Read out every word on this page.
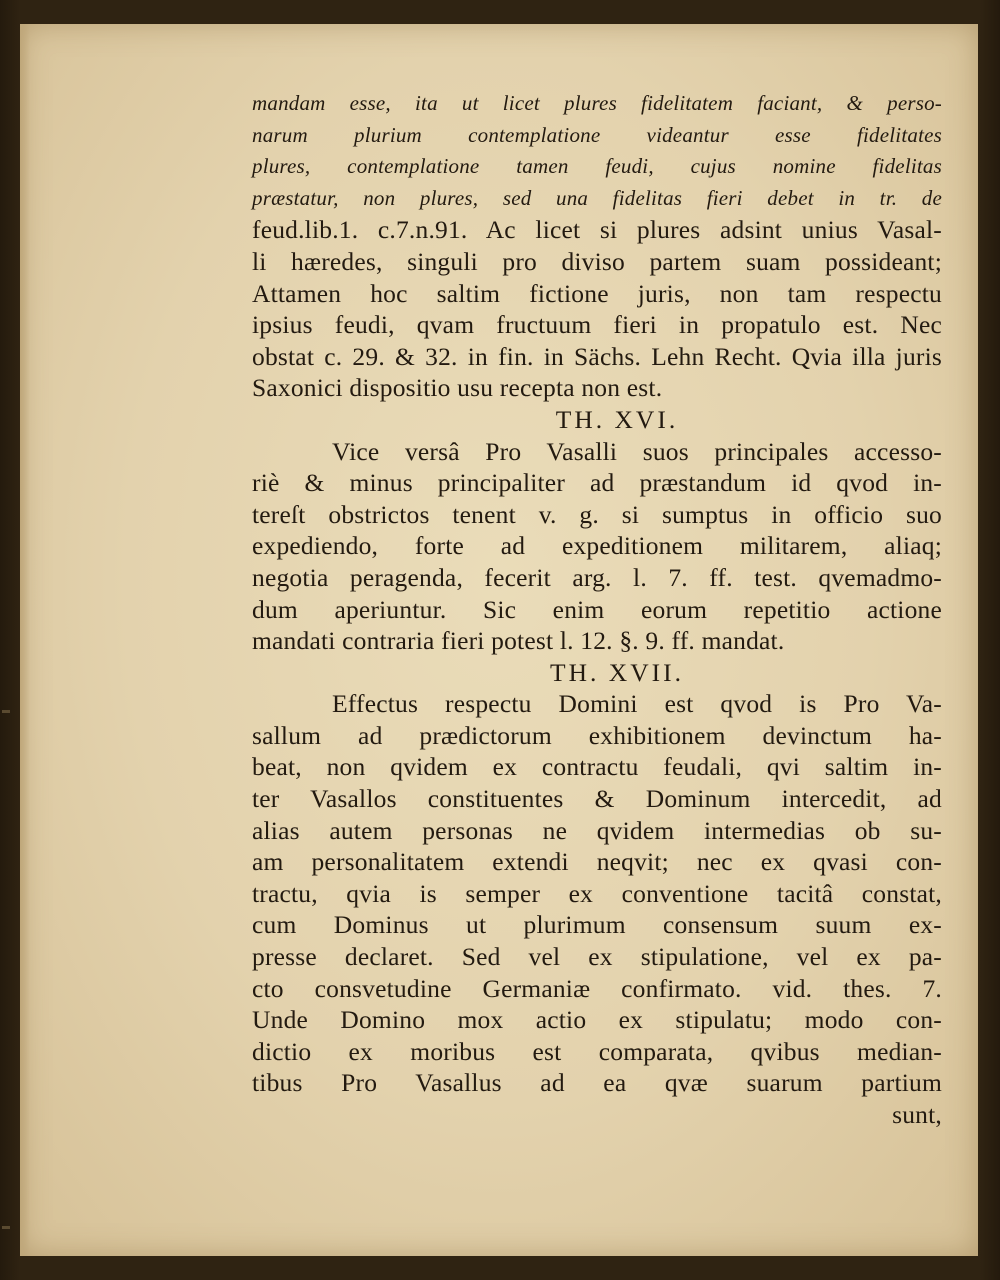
mandam esse, ita ut licet plures fidelitatem faciant, & perso-
narum plurium contemplatione videantur esse fidelitates
plures, contemplatione tamen feudi, cujus nomine fidelitas
præstatur, non plures, sed una fidelitas fieri debet in tr. de
feud.lib.1. c.7.n.91. Ac licet si plures adsint unius Vasal-
li hæredes, singuli pro diviso partem suam possideant;
Attamen hoc saltim fictione juris, non tam respectu
ipsius feudi, qvam fructuum fieri in propatulo est. Nec
obstat c. 29. & 32. in fin. in Sächs. Lehn Recht. Qvia illa juris
Saxonici dispositio usu recepta non est.
TH. XVI.
Vice versâ Pro Vasalli suos principales accesso-
riè & minus principaliter ad præstandum id qvod in-
tereſt obstrictos tenent v. g. si sumptus in officio suo
expediendo, forte ad expeditionem militarem, aliaq;
negotia peragenda, fecerit arg. l. 7. ff. test. qvemadmo-
dum aperiuntur. Sic enim eorum repetitio actione
mandati contraria fieri potest l. 12. §. 9. ff. mandat.
TH. XVII.
Effectus respectu Domini est qvod is Pro Va-
sallum ad prædictorum exhibitionem devinctum ha-
beat, non qvidem ex contractu feudali, qvi saltim in-
ter Vasallos constituentes & Dominum intercedit, ad
alias autem personas ne qvidem intermedias ob su-
am personalitatem extendi neqvit; nec ex qvasi con-
tractu, qvia is semper ex conventione tacitâ constat,
cum Dominus ut plurimum consensum suum ex-
presse declaret. Sed vel ex stipulatione, vel ex pa-
cto consvetudine Germaniæ confirmato. vid. thes. 7.
Unde Domino mox actio ex stipulatu; modo con-
dictio ex moribus est comparata, qvibus median-
tibus Pro Vasallus ad ea qvæ suarum partium
sunt,
